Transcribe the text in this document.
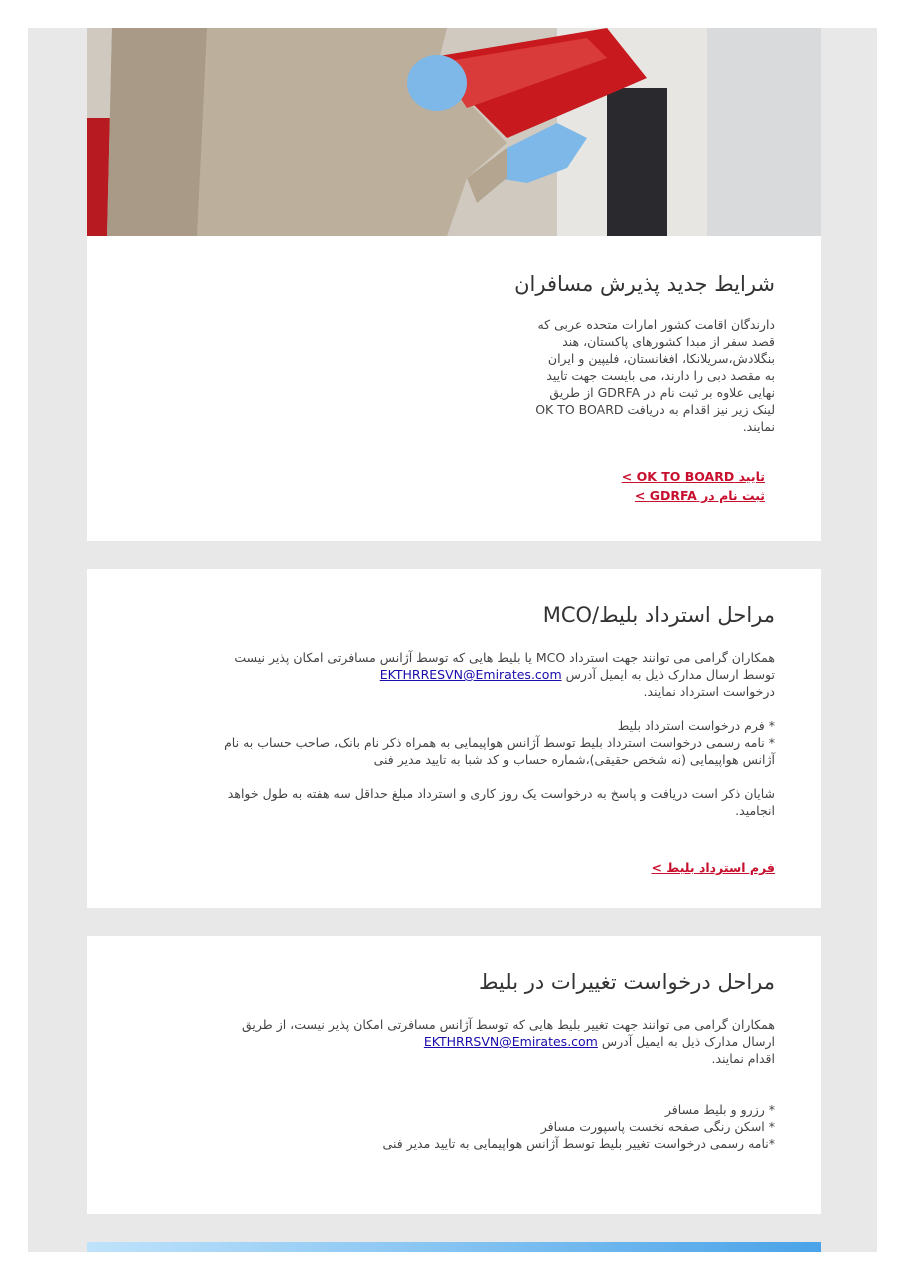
شرایط جدید پذیرش مسافران
دارندگان اقامت کشور امارات متحده عربی که
قصد سفر از مبدا کشورهای پاکستان، هند
بنگلادش،سریلانکا، افغانستان، فلیپین و ایران
به مقصد دبی را دارند، می بایست جهت تایید
نهایی علاوه بر ثبت نام در GDRFA از طریق
لینک زیر نیز اقدام به دریافت OK TO BOARD
نمایند.
تایید OK TO BOARD >
ثبت نام در GDRFA >
مراحل استرداد بلیط/MCO
همکاران گرامی می توانند جهت استرداد MCO یا بلیط هایی که توسط آژانس مسافرتی امکان پذیر نیست
توسط ارسال مدارک ذیل به ایمیل آدرس EKTHRRESVN@Emirates.com
درخواست استرداد نمایند.
* فرم درخواست استرداد بلیط
* نامه رسمی درخواست استرداد بلیط توسط آژانس هواپیمایی به همراه ذکر نام بانک، صاحب حساب به نام
آژانس هواپیمایی (نه شخص حقیقی)،شماره حساب و کد شبا به تایید مدیر فنی
شایان ذکر است دریافت و پاسخ به درخواست یک روز کاری و استرداد مبلغ حداقل سه هفته به طول خواهد
انجامید.
فرم استرداد بلیط >
مراحل درخواست تغییرات در بلیط
همکاران گرامی می توانند جهت تغییر بلیط هایی که توسط آژانس مسافرتی امکان پذیر نیست، از طریق
ارسال مدارک ذیل به ایمیل آدرس EKTHRRSVN@Emirates.com
اقدام نمایند.
* رزرو و بلیط مسافر
* اسکن رنگی صفحه نخست پاسپورت مسافر
*نامه رسمی درخواست تغییر بلیط توسط آژانس هواپیمایی به تایید مدیر فنی
